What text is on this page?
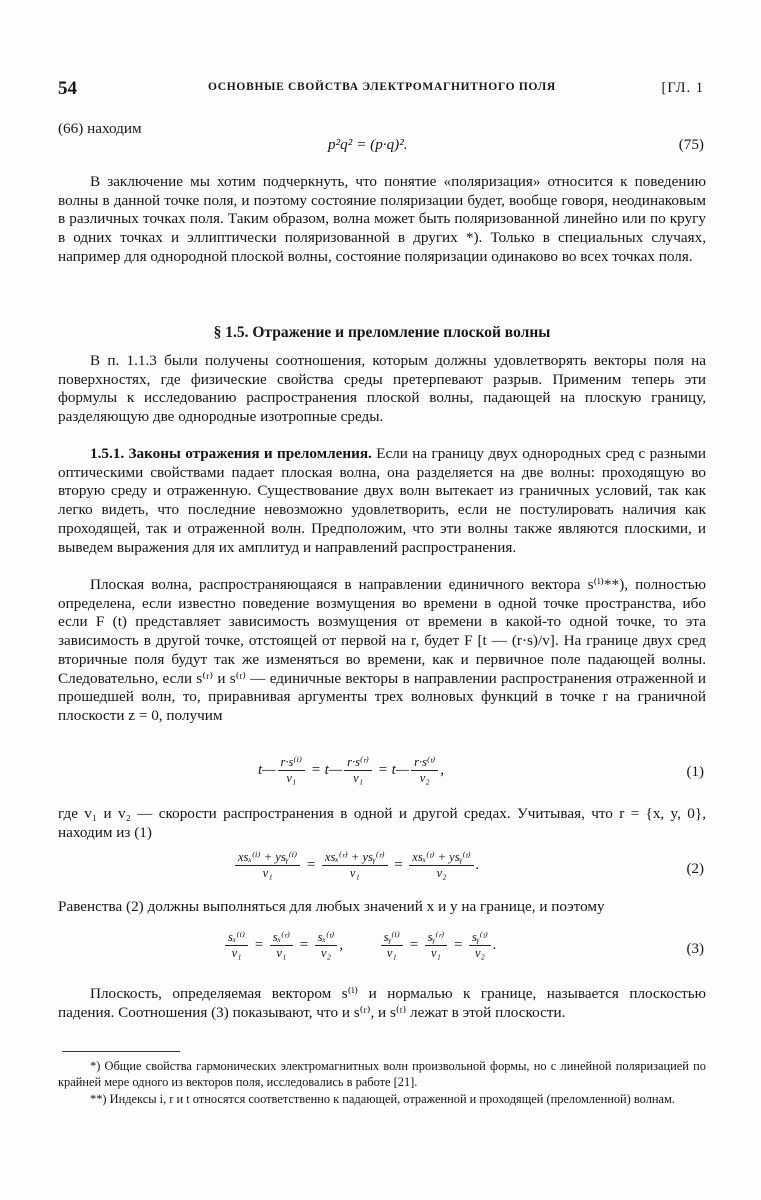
54	ОСНОВНЫЕ СВОЙСТВА ЭЛЕКТРОМАГНИТНОГО ПОЛЯ	[ГЛ. 1
(66) находим
p²q² = (p·q)².	(75)

В заключение мы хотим подчеркнуть, что понятие «поляризация» относится к поведению волны в данной точке поля, и поэтому состояние поляризации будет, вообще говоря, неодинаковым в различных точках поля. Таким образом, волна может быть поляризованной линейно или по кругу в одних точках и эллиптически поляризованной в других *). Только в специальных случаях, например для однородной плоской волны, состояние поляризации одинаково во всех точках поля.

§ 1.5. Отражение и преломление плоской волны

В п. 1.1.3 были получены соотношения, которым должны удовлетворять векторы поля на поверхностях, где физические свойства среды претерпевают разрыв. Применим теперь эти формулы к исследованию распространения плоской волны, падающей на плоскую границу, разделяющую две однородные изотропные среды.

1.5.1. Законы отражения и преломления. Если на границу двух однородных сред с разными оптическими свойствами падает плоская волна, она разделяется на две волны: проходящую во вторую среду и отраженную. Существование двух волн вытекает из граничных условий, так как легко видеть, что последние невозможно удовлетворить, если не постулировать наличия как проходящей, так и отраженной волн. Предположим, что эти волны также являются плоскими, и выведем выражения для их амплитуд и направлений распространения.

Плоская волна, распространяющаяся в направлении единичного вектора s⁽ⁱ⁾**), полностью определена, если известно поведение возмущения во времени в одной точке пространства, ибо если F (t) представляет зависимость возмущения от времени в какой-то одной точке, то эта зависимость в другой точке, отстоящей от первой на r, будет F [t — (r·s)/v]. На границе двух сред вторичные поля будут так же изменяться во времени, как и первичное поле падающей волны. Следовательно, если s⁽ʳ⁾ и s⁽ᵗ⁾ — единичные векторы в направлении распространения отраженной и прошедшей волн, то, приравнивая аргументы трех волновых функций в точке r на граничной плоскости z = 0, получим

t— $\frac{\text{r·s⁽ⁱ⁾}}{\text{v₁}}$ = t— $\frac{\text{r·s⁽ʳ⁾}}{\text{v₁}}$ = t— $\frac{\text{r·s⁽ᵗ⁾}}{\text{v₂}}$ ,	(1)

где v₁ и v₂ — скорости распространения в одной и другой средах. Учитывая, что r = {x, y, 0}, находим из (1)

$\frac{\text{xsₓ⁽ⁱ⁾ + ysᵧ⁽ⁱ⁾}}{\text{v₁}} = \frac{\text{xsₓ⁽ʳ⁾ + ysᵧ⁽ʳ⁾}}{\text{v₁}} = \frac{\text{xsₓ⁽ᵗ⁾ + ysᵧ⁽ᵗ⁾}}{\text{v₂}}$ .	(2)

Равенства (2) должны выполняться для любых значений x и y на границе, и поэтому

$\frac{\text{sₓ⁽ⁱ⁾}}{\text{v₁}} = \frac{\text{sₓ⁽ʳ⁾}}{\text{v₁}} = \frac{\text{sₓ⁽ᵗ⁾}}{\text{v₂}}$ ,	$\frac{\text{sᵧ⁽ⁱ⁾}}{\text{v₁}} = \frac{\text{sᵧ⁽ʳ⁾}}{\text{v₁}} = \frac{\text{sᵧ⁽ᵗ⁾}}{\text{v₂}}$ .	(3)

Плоскость, определяемая вектором s⁽ⁱ⁾ и нормалью к границе, называется плоскостью падения. Соотношения (3) показывают, что и s⁽ʳ⁾, и s⁽ᵗ⁾ лежат в этой плоскости.

*) Общие свойства гармонических электромагнитных волн произвольной формы, но с линейной поляризацией по крайней мере одного из векторов поля, исследовались в работе [21].

**) Индексы i, r и t относятся соответственно к падающей, отраженной и проходящей (преломленной) волнам.
